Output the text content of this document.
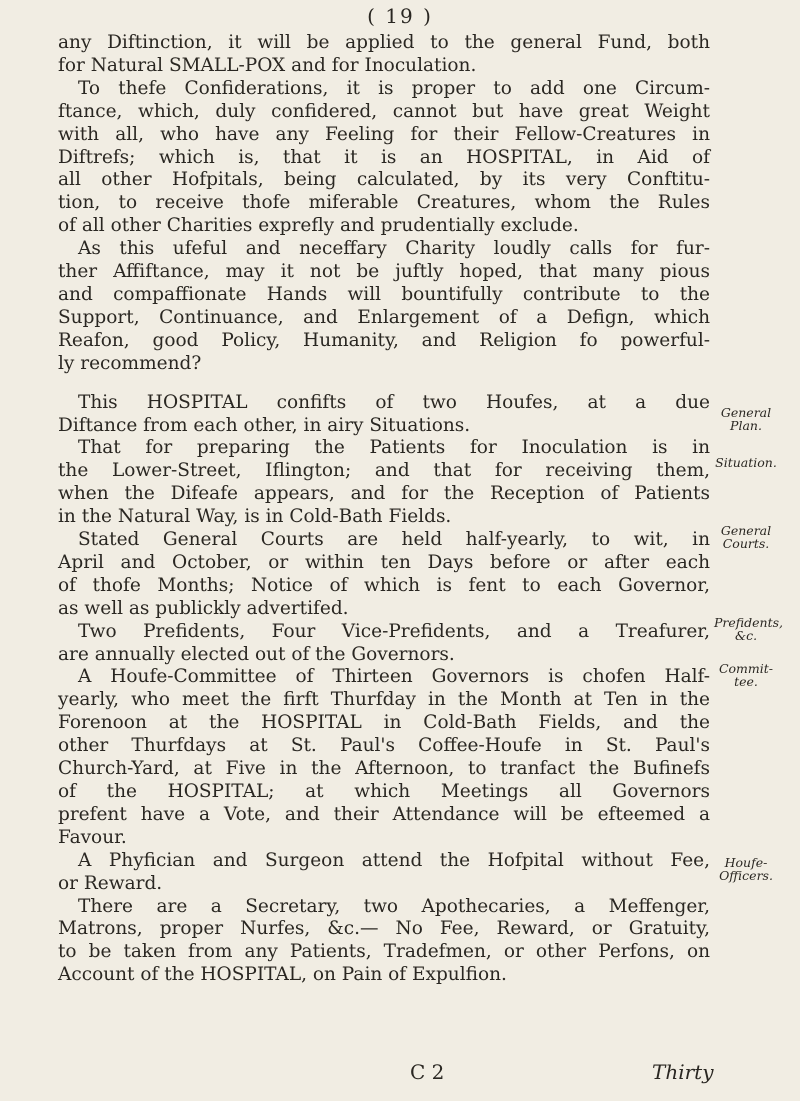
( 19 )
any Diftinction, it will be applied to the general Fund, both
for Natural SMALL-POX and for Inoculation.
To thefe Confiderations, it is proper to add one Circum-
ftance, which, duly confidered, cannot but have great Weight
with all, who have any Feeling for their Fellow-Creatures in
Diftrefs; which is, that it is an HOSPITAL, in Aid of
all other Hofpitals, being calculated, by its very Conftitu-
tion, to receive thofe miferable Creatures, whom the Rules
of all other Charities exprefly and prudentially exclude.
As this ufeful and neceffary Charity loudly calls for fur-
ther Affiftance, may it not be juftly hoped, that many pious
and compaffionate Hands will bountifully contribute to the
Support, Continuance, and Enlargement of a Defign, which
Reafon, good Policy, Humanity, and Religion fo powerful-
ly recommend?
This HOSPITAL confifts of two Houfes, at a due
Diftance from each other, in airy Situations.
That for preparing the Patients for Inoculation is in
the Lower-Street, Iflington; and that for receiving them,
when the Difeafe appears, and for the Reception of Patients
in the Natural Way, is in Cold-Bath Fields.
Stated General Courts are held half-yearly, to wit, in
April and October, or within ten Days before or after each
of thofe Months; Notice of which is fent to each Governor,
as well as publickly advertifed.
Two Prefidents, Four Vice-Prefidents, and a Treafurer,
are annually elected out of the Governors.
A Houfe-Committee of Thirteen Governors is chofen Half-
yearly, who meet the firft Thurfday in the Month at Ten in the
Forenoon at the HOSPITAL in Cold-Bath Fields, and the
other Thurfdays at St. Paul's Coffee-Houfe in St. Paul's
Church-Yard, at Five in the Afternoon, to tranfact the Bufinefs
of the HOSPITAL; at which Meetings all Governors
prefent have a Vote, and their Attendance will be efteemed a
Favour.
A Phyfician and Surgeon attend the Hofpital without Fee,
or Reward.
There are a Secretary, two Apothecaries, a Meffenger,
Matrons, proper Nurfes, &c.— No Fee, Reward, or Gratuity,
to be taken from any Patients, Tradefmen, or other Perfons, on
Account of the HOSPITAL, on Pain of Expulfion.
General Plan.
Situation.
General Courts.
Prefidents, &c.
Commit-tee.
Houfe-Officers.
C 2	Thirty
